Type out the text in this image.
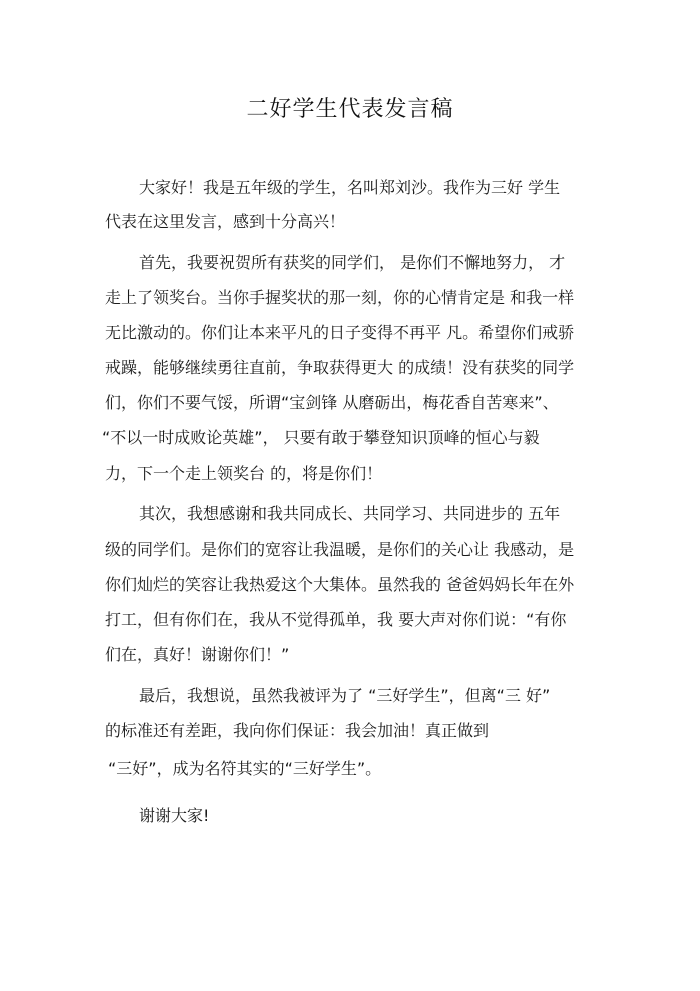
二好学生代表发言稿
大家好！我是五年级的学生，名叫郑刘沙。我作为三好 学生
代表在这里发言，感到十分高兴！
首先，我要祝贺所有获奖的同学们， 是你们不懈地努力， 才
走上了领奖台。当你手握奖状的那一刻，你的心情肯定是 和我一样
无比激动的。你们让本来平凡的日子变得不再平 凡。希望你们戒骄
戒躁，能够继续勇往直前，争取获得更大 的成绩！没有获奖的同学
们，你们不要气馁，所谓“宝剑锋 从磨砺出，梅花香自苦寒来”、
“不以一时成败论英雄”， 只要有敢于攀登知识顶峰的恒心与毅
力，下一个走上领奖台 的，将是你们！
其次，我想感谢和我共同成长、共同学习、共同进步的 五年
级的同学们。是你们的宽容让我温暖，是你们的关心让 我感动，是
你们灿烂的笑容让我热爱这个大集体。虽然我的 爸爸妈妈长年在外
打工，但有你们在，我从不觉得孤单，我 要大声对你们说：“有你
们在，真好！谢谢你们！”
最后，我想说，虽然我被评为了 “三好学生”，但离“三 好”
的标准还有差距，我向你们保证：我会加油！真正做到
“三好”，成为名符其实的“三好学生”。
谢谢大家!
